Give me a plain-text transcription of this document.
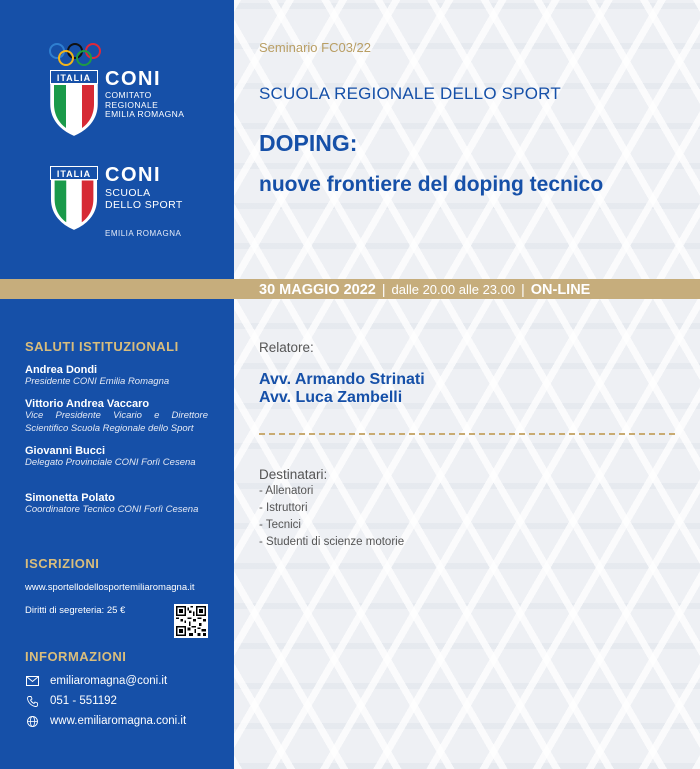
ITALIA CONI
COMITATO
REGIONALE
EMILIA ROMAGNA
ITALIA CONI
SCUOLA
DELLO SPORT
EMILIA ROMAGNA
SALUTI ISTITUZIONALI
Andrea Dondi
Presidente CONI Emilia Romagna
Vittorio Andrea Vaccaro
Vice Presidente Vicario e Direttore Scientifico Scuola Regionale dello Sport
Giovanni Bucci
Delegato Provinciale CONI Forlì Cesena
Simonetta Polato
Coordinatore Tecnico CONI Forlì Cesena
ISCRIZIONI
www.sportellodellosportemiliaromagna.it
Diritti di segreteria: 25 €
INFORMAZIONI
emiliaromagna@coni.it
051 - 551192
www.emiliaromagna.coni.it
Seminario FC03/22
SCUOLA REGIONALE DELLO SPORT
DOPING:
nuove frontiere del doping tecnico
30 MAGGIO 2022 | dalle 20.00 alle 23.00 | ON-LINE
Relatore:
Avv. Armando Strinati
Avv. Luca Zambelli
Destinatari:
- Allenatori
- Istruttori
- Tecnici
- Studenti di scienze motorie
